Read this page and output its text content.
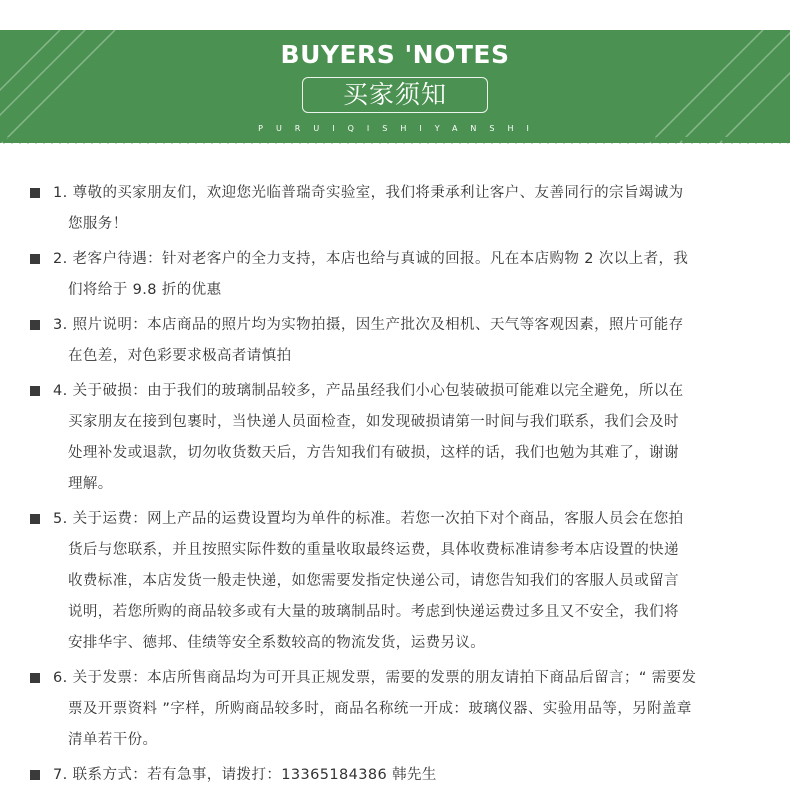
BUYERS 'NOTES
买家须知
PURUIQISHIYANSHI
1. 尊敬的买家朋友们，欢迎您光临普瑞奇实验室，我们将秉承利让客户、友善同行的宗旨竭诚为
您服务！
2. 老客户待遇：针对老客户的全力支持，本店也给与真诚的回报。凡在本店购物 2 次以上者，我
们将给于 9.8 折的优惠
3. 照片说明：本店商品的照片均为实物拍摄，因生产批次及相机、天气等客观因素，照片可能存
在色差，对色彩要求极高者请慎拍
4. 关于破损：由于我们的玻璃制品较多，产品虽经我们小心包装破损可能难以完全避免，所以在
买家朋友在接到包裹时，当快递人员面检查，如发现破损请第一时间与我们联系，我们会及时
处理补发或退款，切勿收货数天后，方告知我们有破损，这样的话，我们也勉为其难了，谢谢
理解。
5. 关于运费：网上产品的运费设置均为单件的标准。若您一次拍下对个商品，客服人员会在您拍
货后与您联系，并且按照实际件数的重量收取最终运费，具体收费标准请参考本店设置的快递
收费标准，本店发货一般走快递，如您需要发指定快递公司，请您告知我们的客服人员或留言
说明，若您所购的商品较多或有大量的玻璃制品时。考虑到快递运费过多且又不安全，我们将
安排华宇、德邦、佳绩等安全系数较高的物流发货，运费另议。
6. 关于发票：本店所售商品均为可开具正规发票，需要的发票的朋友请拍下商品后留言；“ 需要发
票及开票资料 ”字样，所购商品较多时，商品名称统一开成：玻璃仪器、实验用品等，另附盖章
清单若干份。
7. 联系方式：若有急事，请拨打：13365184386 韩先生
